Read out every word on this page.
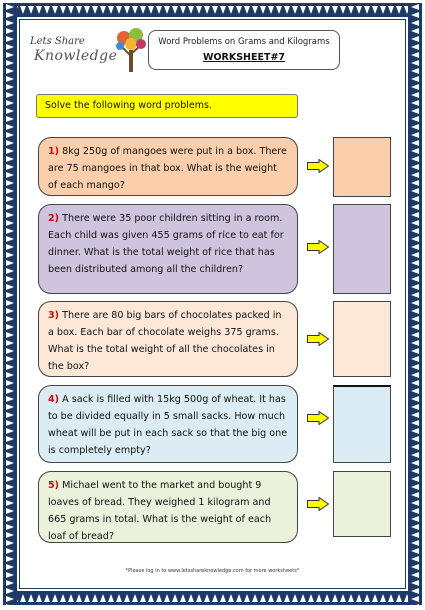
Lets Share
Knowledge
Word Problems on Grams and Kilograms
WORKSHEET#7
Solve the following word problems.
1) 8kg 250g of mangoes were put in a box. There are 75 mangoes in that box. What is the weight of each mango?
2) There were 35 poor children sitting in a room. Each child was given 455 grams of rice to eat for dinner. What is the total weight of rice that has been distributed among all the children?
3) There are 80 big bars of chocolates packed in a box. Each bar of chocolate weighs 375 grams. What is the total weight of all the chocolates in the box?
4) A sack is filled with 15kg 500g of wheat. It has to be divided equally in 5 small sacks. How much wheat will be put in each sack so that the big one is completely empty?
5) Michael went to the market and bought 9 loaves of bread. They weighed 1 kilogram and 665 grams in total. What is the weight of each loaf of bread?
*Please log in to www.letsshareknowledge.com for more worksheets*
